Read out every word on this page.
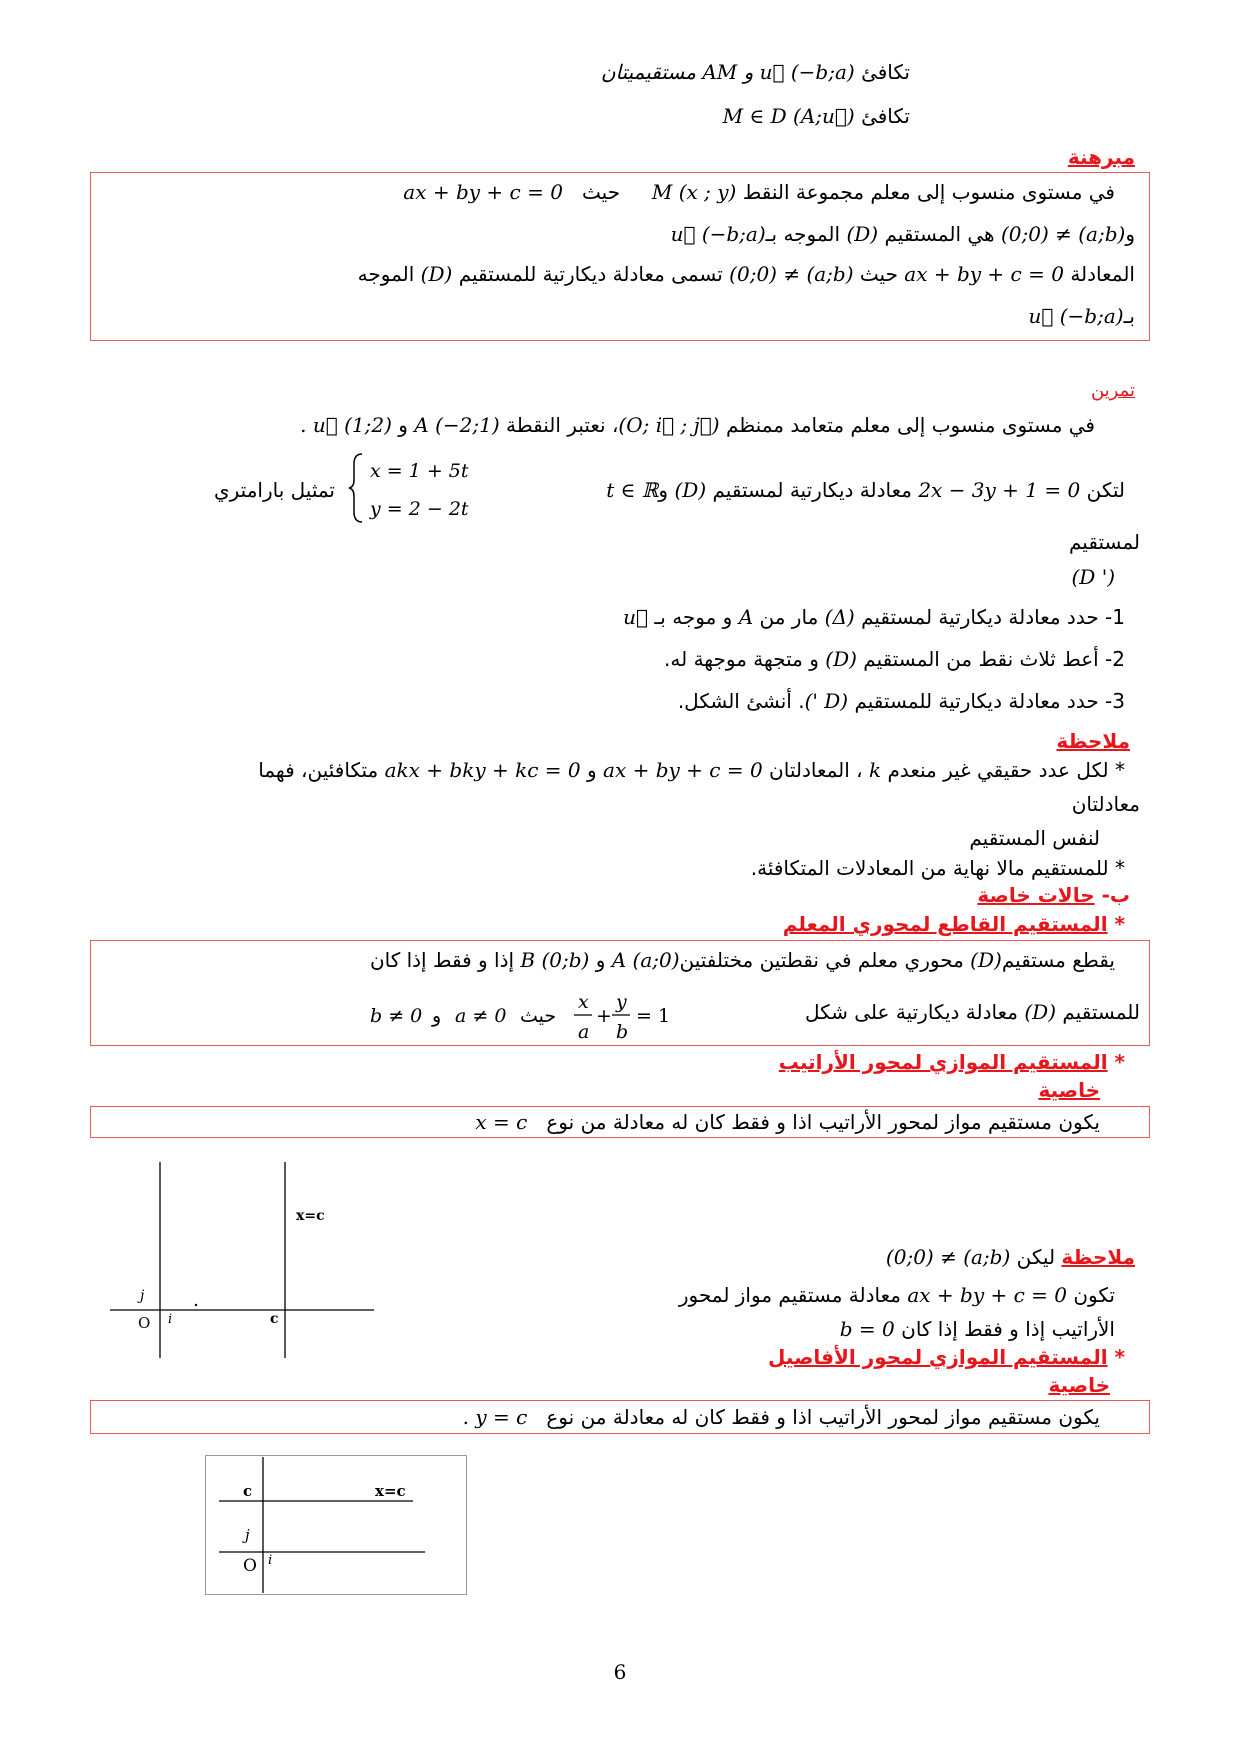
تكافئ u⃗ (−b;a) و AM مستقيميتان
تكافئ M ∈ D (A;u⃗)
مبرهنة
في مستوى منسوب إلى معلم مجموعة النقط M (x ; y)     حيث   ax + by + c = 0
و(a;b) ≠ (0;0) هي المستقيم (D) الموجه بـu⃗ (−b;a)
المعادلة ax + by + c = 0 حيث (a;b) ≠ (0;0) تسمى معادلة ديكارتية للمستقيم (D) الموجه
بـu⃗ (−b;a)
تمرين
في مستوى منسوب إلى معلم متعامد ممنظم (O; i⃗ ; j⃗)، نعتبر النقطة A (−2;1) و u⃗ (1;2) .
لتكن 2x − 3y + 1 = 0 معادلة ديكارتية لمستقيم (D) وt ∈ ℝ
x = 1 + 5t
y = 2 − 2t
تمثيل بارامتري
لمستقيم
(D ')
1- حدد معادلة ديكارتية لمستقيم (Δ) مار من A و موجه بـ u⃗
2- أعط ثلاث نقط من المستقيم (D) و متجهة موجهة له.
3- حدد معادلة ديكارتية للمستقيم (D '). أنشئ الشكل.
ملاحظة
* لكل عدد حقيقي غير منعدم k ، المعادلتان ax + by + c = 0 و akx + bky + kc = 0 متكافئين، فهما
معادلتان
لنفس المستقيم
* للمستقيم مالا نهاية من المعادلات المتكافئة.
ب- حالات خاصة
* المستقيم القاطع لمحوري المعلم
يقطع مستقيم(D) محوري معلم في نقطتين مختلفتينA (a;0) و B (0;b) إذا و فقط إذا كان
للمستقيم (D) معادلة ديكارتية على شكل
b ≠ 0 و a ≠ 0 حيث
x
a
+
y
b
= 1
* المستقيم الموازي لمحور الأراتيب
خاصية
يكون مستقيم مواز لمحور الأراتيب اذا و فقط كان له معادلة من نوع   x = c
x=c
j
O i	c
ملاحظة ليكن (a;b) ≠ (0;0)
تكون ax + by + c = 0 معادلة مستقيم مواز لمحور
الأراتيب إذا و فقط إذا كان b = 0
* المستقيم الموازي لمحور الأفاصيل
خاصية
يكون مستقيم مواز لمحور الأراتيب اذا و فقط كان له معادلة من نوع   y = c .
c	x=c
j
O i
6
